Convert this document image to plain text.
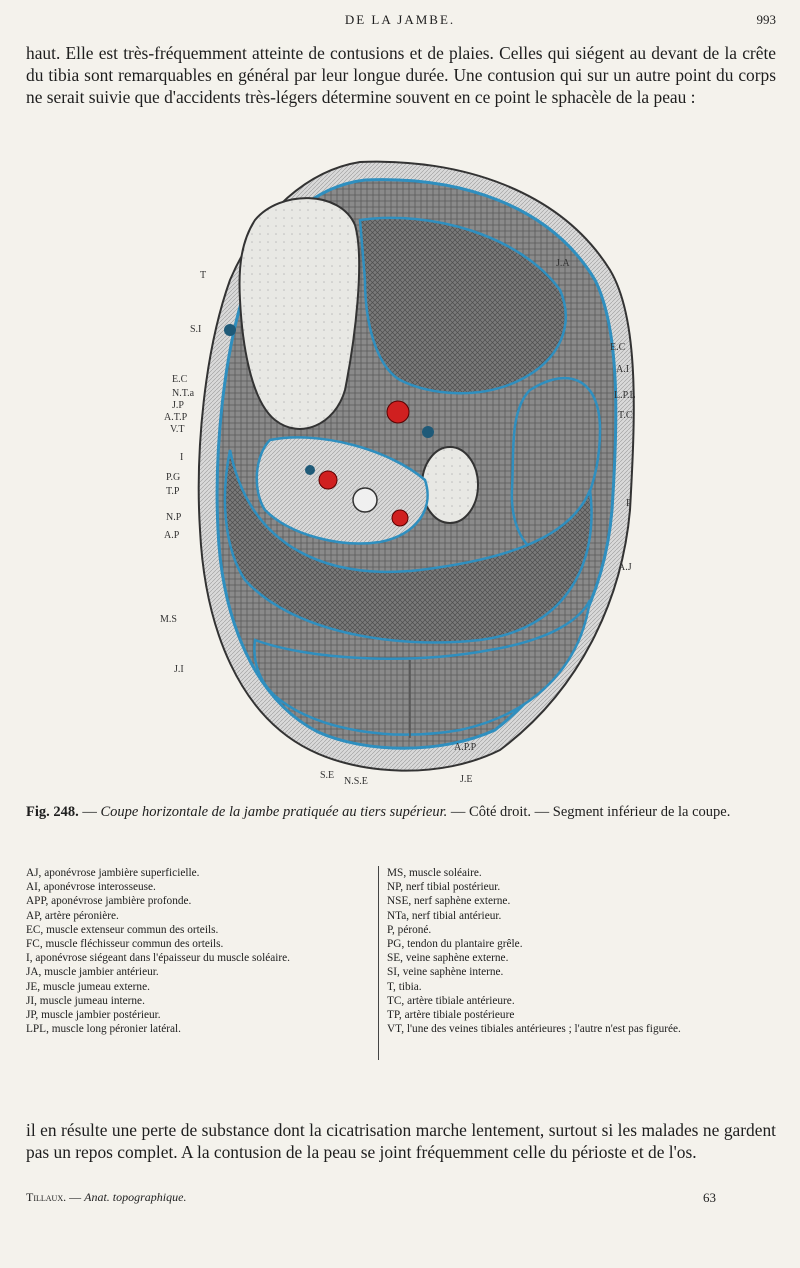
DE LA JAMBE.	993

haut. Elle est très-fréquemment atteinte de contusions et de plaies. Celles qui siégent au devant de la crête du tibia sont remarquables en général par leur longue durée. Une contusion qui sur un autre point du corps ne serait suivie que d'accidents très-légers détermine souvent en ce point le sphacèle de la peau :

T
S.I
E.C
N.T.a
J.P
A.T.P
V.T
I
P.G
T.P
N.P
A.P
M.S
J.I
S.E
N.S.E	J.E
A.P.P
J.A
E.C
A.I
L.P.L
T.C
P
A.J
Fig. 248. — Coupe horizontale de la jambe pratiquée au tiers supérieur. — Côté droit. — Segment inférieur de la coupe.

AJ, aponévrose jambière superficielle.

AI, aponévrose interosseuse.

APP, aponévrose jambière profonde.

AP, artère péronière.

EC, muscle extenseur commun des orteils.

FC, muscle fléchisseur commun des orteils.

I, aponévrose siégeant dans l'épaisseur du muscle soléaire.

JA, muscle jambier antérieur.

JE, muscle jumeau externe.

JI, muscle jumeau interne.

JP, muscle jambier postérieur.

LPL, muscle long péronier latéral.

MS, muscle soléaire.

NP, nerf tibial postérieur.

NSE, nerf saphène externe.

NTa, nerf tibial antérieur.

P, péroné.

PG, tendon du plantaire grêle.

SE, veine saphène externe.

SI, veine saphène interne.

T, tibia.

TC, artère tibiale antérieure.

TP, artère tibiale postérieure

VT, l'une des veines tibiales antérieures ; l'autre n'est pas figurée.

il en résulte une perte de substance dont la cicatrisation marche lentement, surtout si les malades ne gardent pas un repos complet. A la contusion de la peau se joint fréquemment celle du périoste et de l'os.

Tillaux. — Anat. topographique.	63
